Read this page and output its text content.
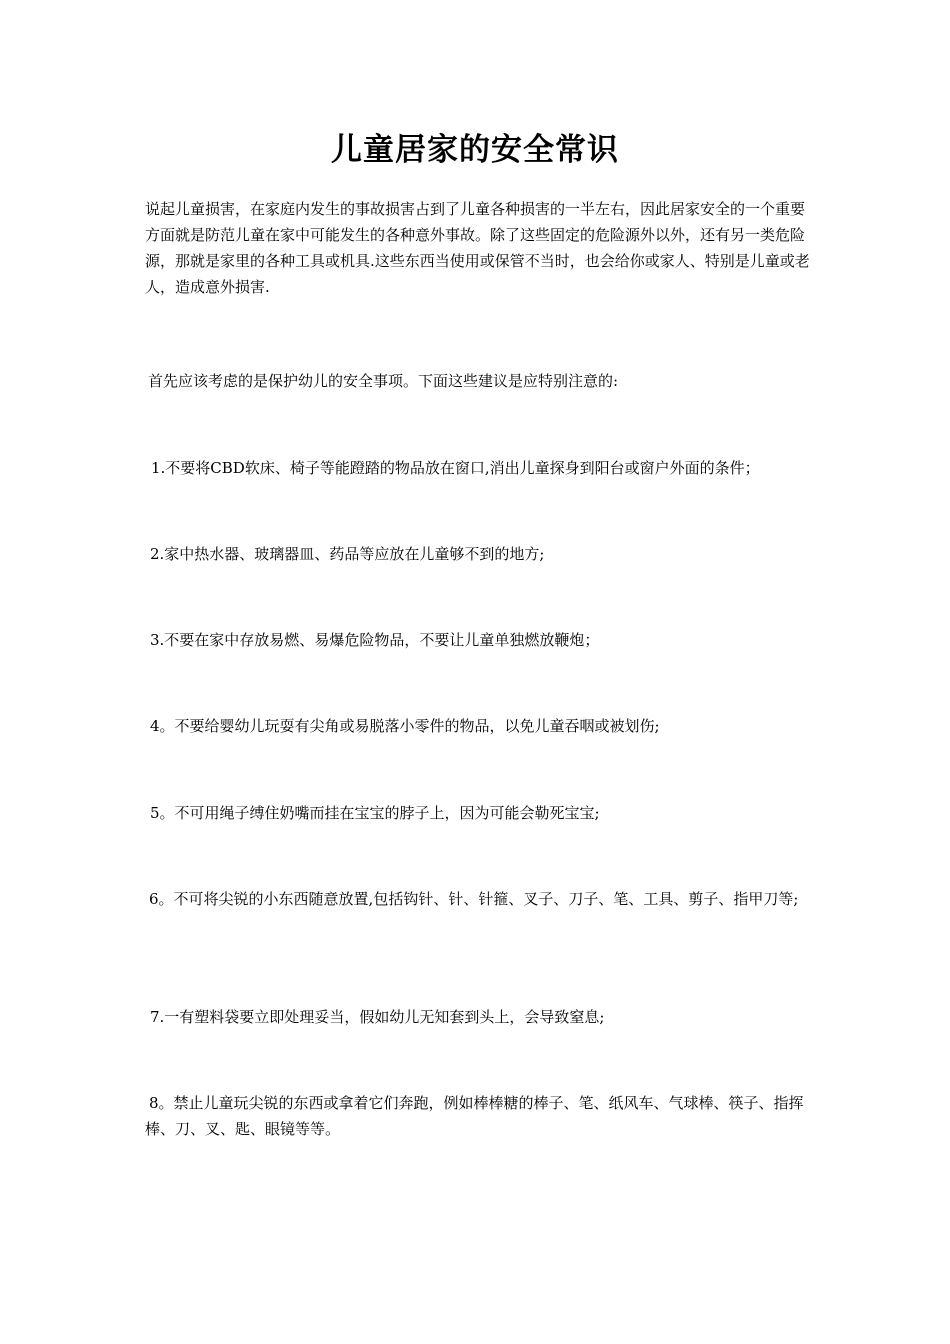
儿童居家的安全常识

说起儿童损害，在家庭内发生的事故损害占到了儿童各种损害的一半左右，因此居家安全的一个重要方面就是防范儿童在家中可能发生的各种意外事故。除了这些固定的危险源外以外，还有另一类危险源，那就是家里的各种工具或机具.这些东西当使用或保管不当时，也会给你或家人、特别是儿童或老人，造成意外损害.

首先应该考虑的是保护幼儿的安全事项。下面这些建议是应特别注意的:

1.不要将CBD软床、椅子等能蹬踏的物品放在窗口,消出儿童探身到阳台或窗户外面的条件；

2.家中热水器、玻璃器皿、药品等应放在儿童够不到的地方;

3.不要在家中存放易燃、易爆危险物品，不要让儿童单独燃放鞭炮；

4。不要给婴幼儿玩耍有尖角或易脱落小零件的物品，以免儿童吞咽或被划伤;

5。不可用绳子缚住奶嘴而挂在宝宝的脖子上，因为可能会勒死宝宝;

6。不可将尖锐的小东西随意放置,包括钩针、针、针箍、叉子、刀子、笔、工具、剪子、指甲刀等;

7.一有塑料袋要立即处理妥当，假如幼儿无知套到头上，会导致窒息;

8。禁止儿童玩尖锐的东西或拿着它们奔跑，例如棒棒糖的棒子、笔、纸风车、气球棒、筷子、指挥棒、刀、叉、匙、眼镜等等。
